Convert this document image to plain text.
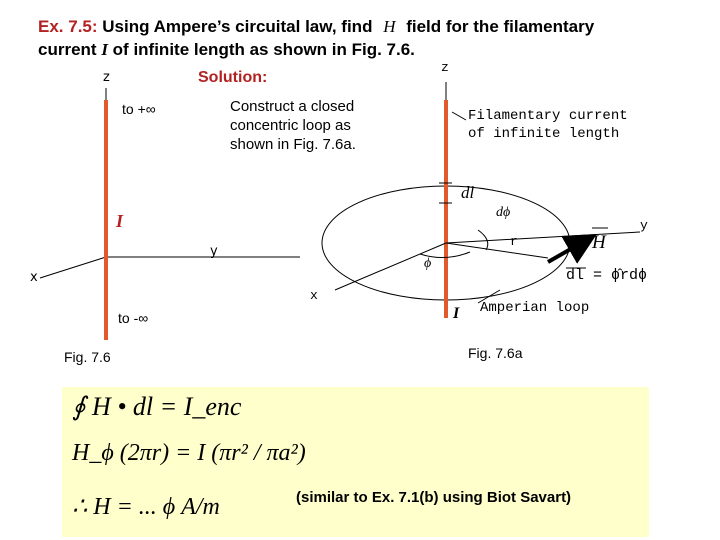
Ex. 7.5: Using Ampere’s circuital law, find H field for the filamentary
current I of infinite length as shown in Fig. 7.6.
Solution:
Construct a closed concentric loop as shown in Fig. 7.6a.
z
to +∞
I
y
x
to -∞
Fig. 7.6
z
Filamentary current
of infinite length
dl
dϕ
y
r	H
ϕ
dl = ϕ̂rdϕ
x
I Amperian loop
Fig. 7.6a
∮ H • dl = I_enc
H_ϕ (2πr) = I (πr² / πa²)
∴ H = ... ϕ A/m	(similar to Ex. 7.1(b) using Biot Savart)
